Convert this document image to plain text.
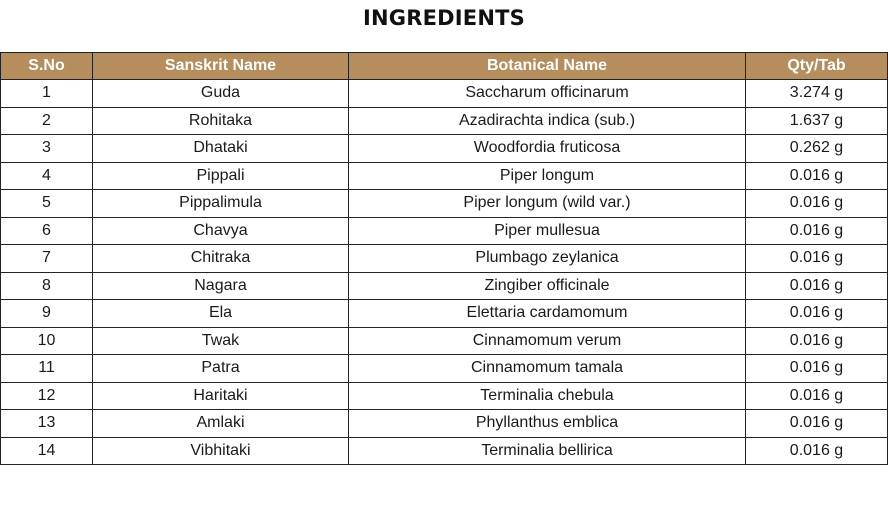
INGREDIENTS
S.No	Sanskrit Name	Botanical Name	Qty/Tab
1	Guda	Saccharum officinarum	3.274 g
2	Rohitaka	Azadirachta indica (sub.)	1.637 g
3	Dhataki	Woodfordia fruticosa	0.262 g
4	Pippali	Piper longum	0.016 g
5	Pippalimula	Piper longum (wild var.)	0.016 g
6	Chavya	Piper mullesua	0.016 g
7	Chitraka	Plumbago zeylanica	0.016 g
8	Nagara	Zingiber officinale	0.016 g
9	Ela	Elettaria cardamomum	0.016 g
10	Twak	Cinnamomum verum	0.016 g
11	Patra	Cinnamomum tamala	0.016 g
12	Haritaki	Terminalia chebula	0.016 g
13	Amlaki	Phyllanthus emblica	0.016 g
14	Vibhitaki	Terminalia bellirica	0.016 g
